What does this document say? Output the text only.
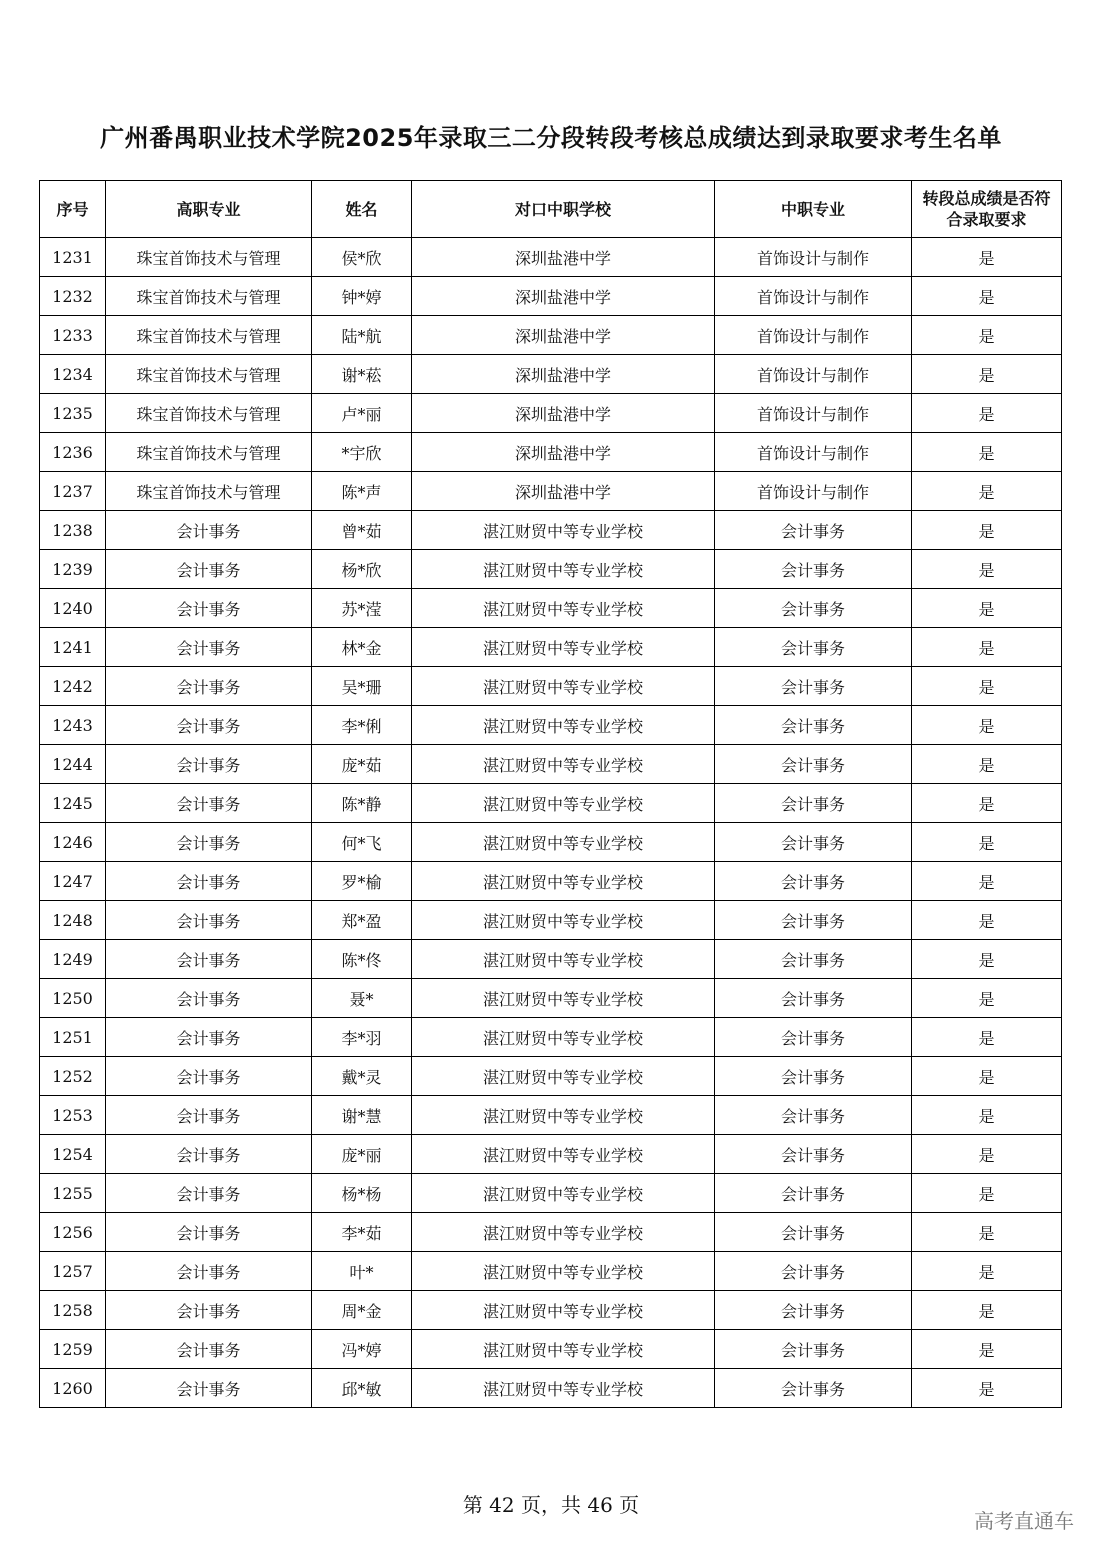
广州番禺职业技术学院2025年录取三二分段转段考核总成绩达到录取要求考生名单
序号	高职专业	姓名	对口中职学校	中职专业	转段总成绩是否符合录取要求
1231	珠宝首饰技术与管理	侯*欣	深圳盐港中学	首饰设计与制作	是
1232	珠宝首饰技术与管理	钟*婷	深圳盐港中学	首饰设计与制作	是
1233	珠宝首饰技术与管理	陆*航	深圳盐港中学	首饰设计与制作	是
1234	珠宝首饰技术与管理	谢*菘	深圳盐港中学	首饰设计与制作	是
1235	珠宝首饰技术与管理	卢*丽	深圳盐港中学	首饰设计与制作	是
1236	珠宝首饰技术与管理	*宇欣	深圳盐港中学	首饰设计与制作	是
1237	珠宝首饰技术与管理	陈*声	深圳盐港中学	首饰设计与制作	是
1238	会计事务	曾*茹	湛江财贸中等专业学校	会计事务	是
1239	会计事务	杨*欣	湛江财贸中等专业学校	会计事务	是
1240	会计事务	苏*滢	湛江财贸中等专业学校	会计事务	是
1241	会计事务	林*金	湛江财贸中等专业学校	会计事务	是
1242	会计事务	吴*珊	湛江财贸中等专业学校	会计事务	是
1243	会计事务	李*俐	湛江财贸中等专业学校	会计事务	是
1244	会计事务	庞*茹	湛江财贸中等专业学校	会计事务	是
1245	会计事务	陈*静	湛江财贸中等专业学校	会计事务	是
1246	会计事务	何*飞	湛江财贸中等专业学校	会计事务	是
1247	会计事务	罗*榆	湛江财贸中等专业学校	会计事务	是
1248	会计事务	郑*盈	湛江财贸中等专业学校	会计事务	是
1249	会计事务	陈*佟	湛江财贸中等专业学校	会计事务	是
1250	会计事务	聂*	湛江财贸中等专业学校	会计事务	是
1251	会计事务	李*羽	湛江财贸中等专业学校	会计事务	是
1252	会计事务	戴*灵	湛江财贸中等专业学校	会计事务	是
1253	会计事务	谢*慧	湛江财贸中等专业学校	会计事务	是
1254	会计事务	庞*丽	湛江财贸中等专业学校	会计事务	是
1255	会计事务	杨*杨	湛江财贸中等专业学校	会计事务	是
1256	会计事务	李*茹	湛江财贸中等专业学校	会计事务	是
1257	会计事务	叶*	湛江财贸中等专业学校	会计事务	是
1258	会计事务	周*金	湛江财贸中等专业学校	会计事务	是
1259	会计事务	冯*婷	湛江财贸中等专业学校	会计事务	是
1260	会计事务	邱*敏	湛江财贸中等专业学校	会计事务	是
第 42 页，共 46 页
高考直通车
